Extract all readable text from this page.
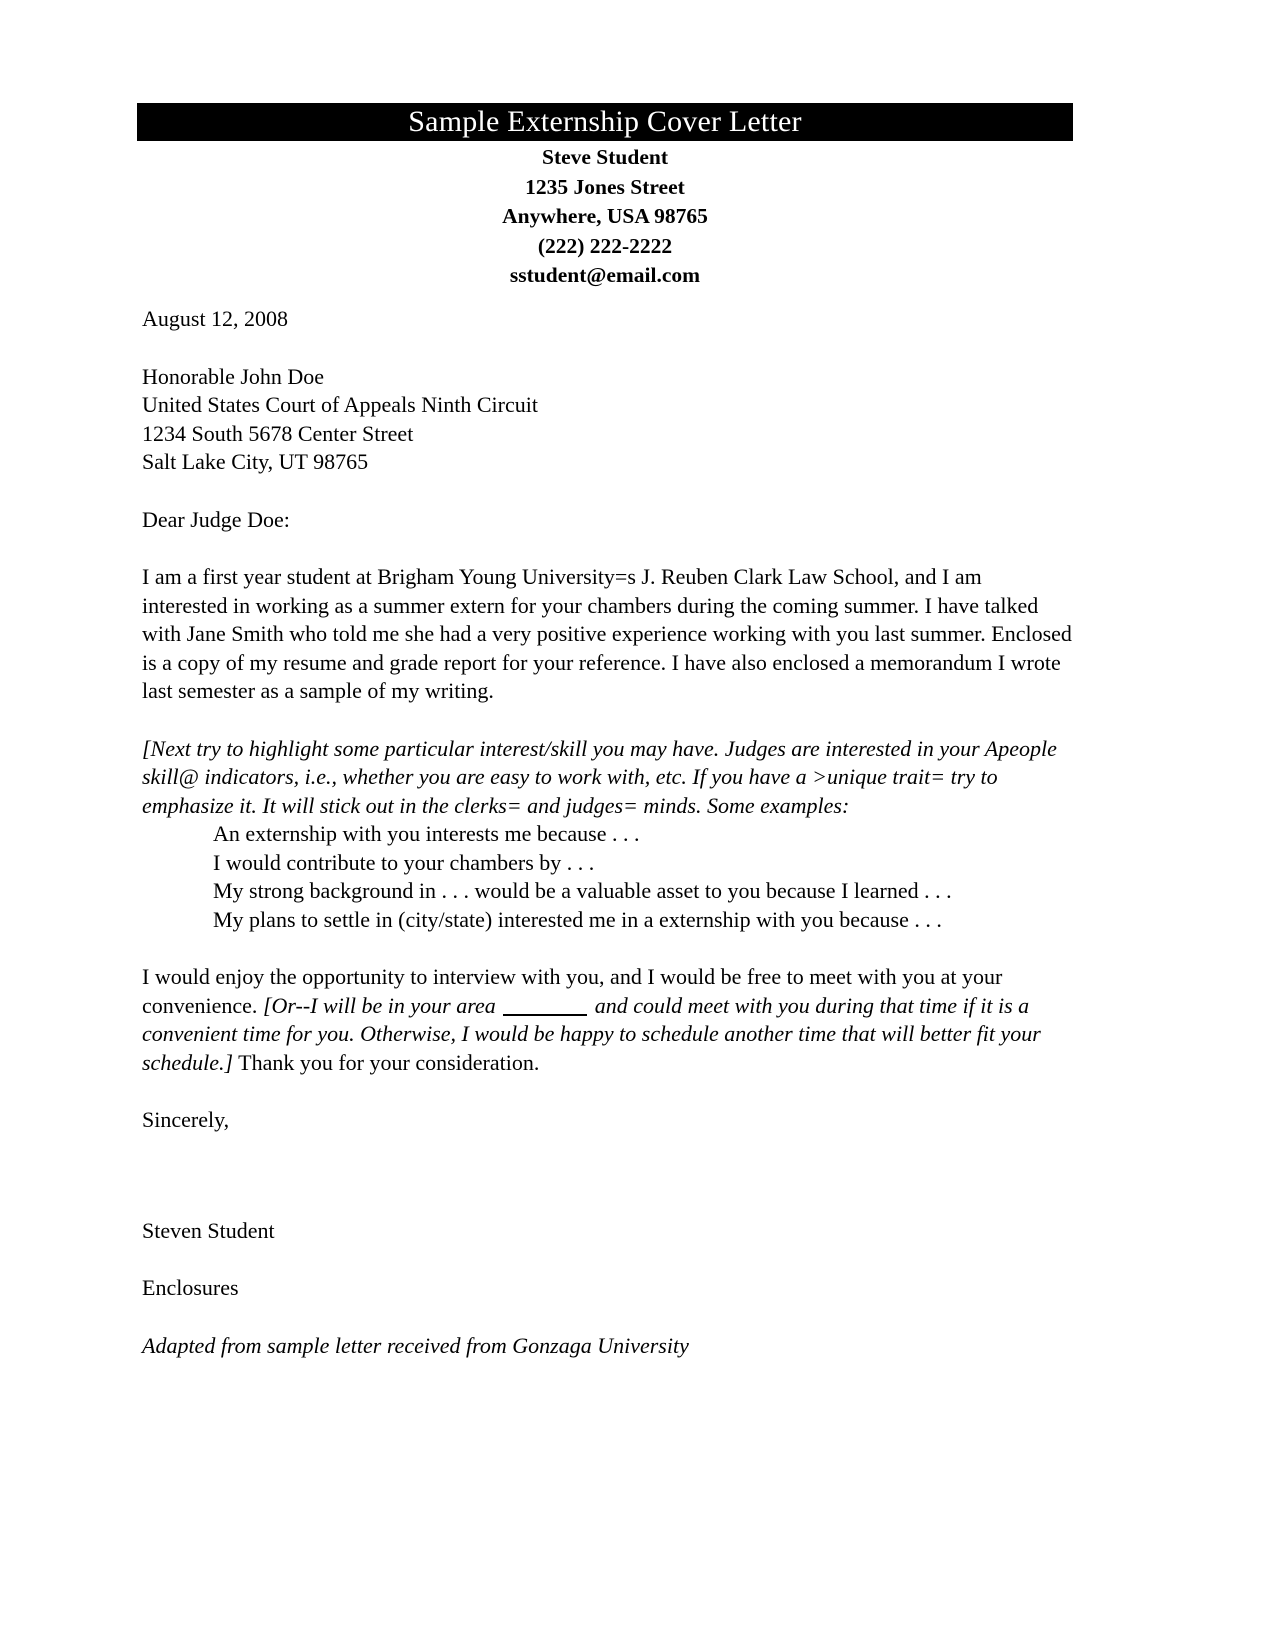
Sample Externship Cover Letter
Steve Student
1235 Jones Street
Anywhere, USA 98765
(222) 222-2222
sstudent@email.com
August 12, 2008
Honorable John Doe
United States Court of Appeals Ninth Circuit
1234 South 5678 Center Street
Salt Lake City, UT 98765
Dear Judge Doe:

I am a first year student at Brigham Young University=s J. Reuben Clark Law School, and I am interested in working as a summer extern for your chambers during the coming summer. I have talked with Jane Smith who told me she had a very positive experience working with you last summer. Enclosed is a copy of my resume and grade report for your reference. I have also enclosed a memorandum I wrote last semester as a sample of my writing.

[Next try to highlight some particular interest/skill you may have. Judges are interested in your Apeople skill@ indicators, i.e., whether you are easy to work with, etc. If you have a >unique trait= try to emphasize it. It will stick out in the clerks= and judges= minds. Some examples:

An externship with you interests me because . . .
I would contribute to your chambers by . . .
My strong background in . . . would be a valuable asset to you because I learned . . .
My plans to settle in (city/state) interested me in a externship with you because . . .

I would enjoy the opportunity to interview with you, and I would be free to meet with you at your convenience. [Or--I will be in your area	and could meet with you during that time if it is a convenient time for you. Otherwise, I would be happy to schedule another time that will better fit your schedule.] Thank you for your consideration.

Sincerely,
Steven Student
Enclosures
Adapted from sample letter received from Gonzaga University
